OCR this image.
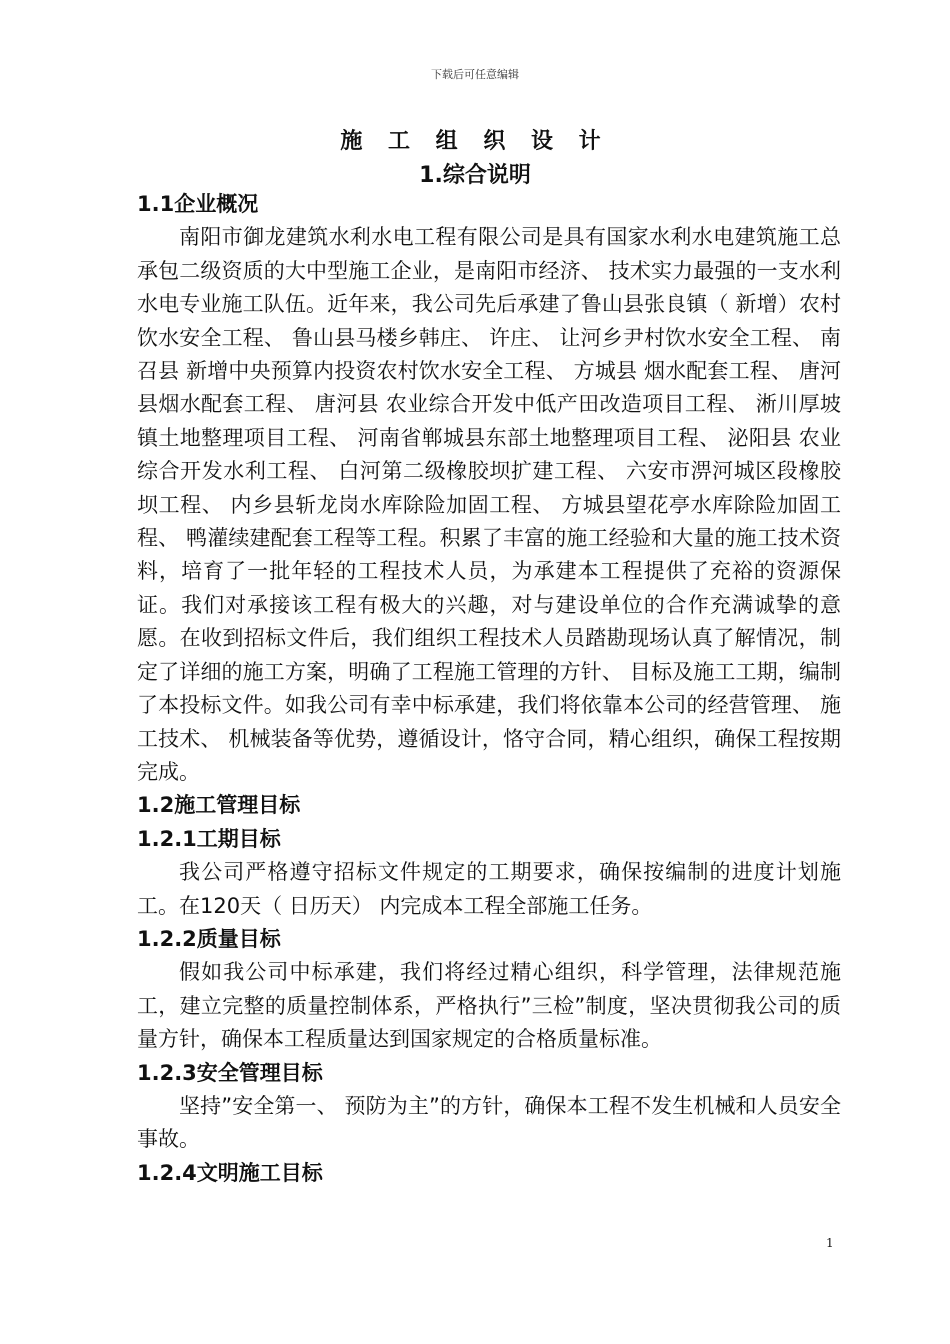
下载后可任意编辑
施 工 组 织 设 计
1.综合说明

1.1企业概况

南阳市御龙建筑水利水电工程有限公司是具有国家水利水电建筑施工总承包二级资质的大中型施工企业，是南阳市经济、 技术实力最强的一支水利水电专业施工队伍。近年来，我公司先后承建了鲁山县张良镇（ 新增）农村饮水安全工程、 鲁山县马楼乡韩庄、 许庄、 让河乡尹村饮水安全工程、 南召县 新增中央预算内投资农村饮水安全工程、 方城县 烟水配套工程、 唐河县烟水配套工程、 唐河县 农业综合开发中低产田改造项目工程、 淅川厚坡镇土地整理项目工程、 河南省郸城县东部土地整理项目工程、 泌阳县 农业综合开发水利工程、 白河第二级橡胶坝扩建工程、 六安市淠河城区段橡胶坝工程、 内乡县斩龙岗水库除险加固工程、 方城县望花亭水库除险加固工程、 鸭灌续建配套工程等工程。积累了丰富的施工经验和大量的施工技术资料，培育了一批年轻的工程技术人员，为承建本工程提供了充裕的资源保证。我们对承接该工程有极大的兴趣，对与建设单位的合作充满诚挚的意愿。在收到招标文件后，我们组织工程技术人员踏勘现场认真了解情况，制定了详细的施工方案，明确了工程施工管理的方针、 目标及施工工期，编制了本投标文件。如我公司有幸中标承建，我们将依靠本公司的经营管理、 施工技术、 机械装备等优势，遵循设计，恪守合同，精心组织，确保工程按期完成。

1.2施工管理目标

1.2.1工期目标

我公司严格遵守招标文件规定的工期要求，确保按编制的进度计划施工。在120天（ 日历天） 内完成本工程全部施工任务。

1.2.2质量目标

假如我公司中标承建，我们将经过精心组织，科学管理，法律规范施工，建立完整的质量控制体系，严格执行”三检”制度，坚决贯彻我公司的质量方针，确保本工程质量达到国家规定的合格质量标准。

1.2.3安全管理目标

坚持”安全第一、 预防为主”的方针，确保本工程不发生机械和人员安全事故。

1.2.4文明施工目标

1
